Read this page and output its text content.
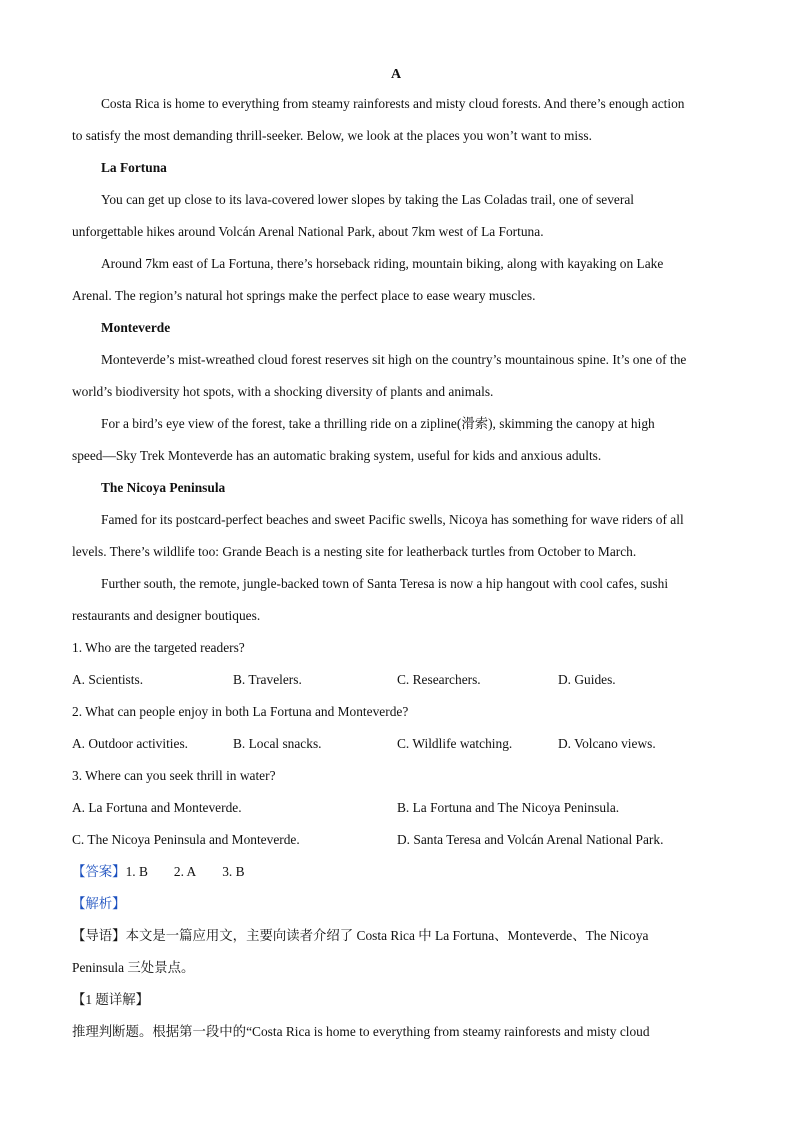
A
Costa Rica is home to everything from steamy rainforests and misty cloud forests. And there’s enough action
to satisfy the most demanding thrill-seeker. Below, we look at the places you won’t want to miss.
La Fortuna
You can get up close to its lava-covered lower slopes by taking the Las Coladas trail, one of several
unforgettable hikes around Volcán Arenal National Park, about 7km west of La Fortuna.
Around 7km east of La Fortuna, there’s horseback riding, mountain biking, along with kayaking on Lake
Arenal. The region’s natural hot springs make the perfect place to ease weary muscles.
Monteverde
Monteverde’s mist-wreathed cloud forest reserves sit high on the country’s mountainous spine. It’s one of the
world’s biodiversity hot spots, with a shocking diversity of plants and animals.
For a bird’s eye view of the forest, take a thrilling ride on a zipline(滑索), skimming the canopy at high
speed—Sky Trek Monteverde has an automatic braking system, useful for kids and anxious adults.
The Nicoya Peninsula
Famed for its postcard-perfect beaches and sweet Pacific swells, Nicoya has something for wave riders of all
levels. There’s wildlife too: Grande Beach is a nesting site for leatherback turtles from October to March.
Further south, the remote, jungle-backed town of Santa Teresa is now a hip hangout with cool cafes, sushi
restaurants and designer boutiques.
1. Who are the targeted readers?
A. Scientists.	B. Travelers.	C. Researchers.	D. Guides.
2. What can people enjoy in both La Fortuna and Monteverde?
A. Outdoor activities.	B. Local snacks.	C. Wildlife watching.	D. Volcano views.
3. Where can you seek thrill in water?
A. La Fortuna and Monteverde.	B. La Fortuna and The Nicoya Peninsula.
C. The Nicoya Peninsula and Monteverde.	D. Santa Teresa and Volcán Arenal National Park.
【答案】1. B 2. A 3. B
【解析】
【导语】本文是一篇应用文，主要向读者介绍了 Costa Rica 中 La Fortuna、Monteverde、The Nicoya
Peninsula 三处景点。
【1 题详解】
推理判断题。根据第一段中的“Costa Rica is home to everything from steamy rainforests and misty cloud
